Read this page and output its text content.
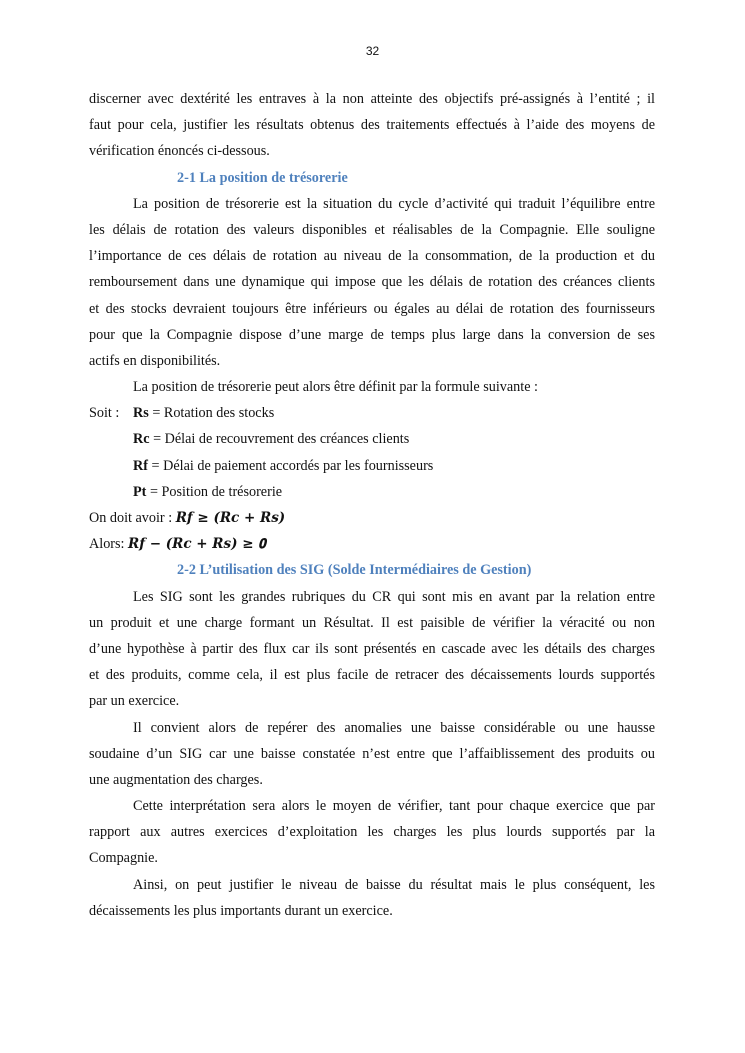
32
discerner avec dextérité les entraves à la non atteinte des objectifs pré-assignés à l’entité ; il
faut pour cela, justifier les résultats obtenus des traitements effectués à l’aide des moyens de
vérification énoncés ci-dessous.
2-1 La position de trésorerie
La position de trésorerie est la situation du cycle d’activité qui traduit l’équilibre entre
les délais de rotation des valeurs disponibles et réalisables de la Compagnie. Elle souligne
l’importance de ces délais de rotation au niveau de la consommation, de la production et du
remboursement dans une dynamique qui impose que les délais de rotation des créances clients
et des stocks devraient toujours être inférieurs ou égales au délai de rotation des fournisseurs
pour que la Compagnie dispose d’une marge de temps plus large dans la conversion de ses
actifs en disponibilités.
La position de trésorerie peut alors être définit par la formule suivante :
Soit : Rs = Rotation des stocks
Rc = Délai de recouvrement des créances clients
Rf = Délai de paiement accordés par les fournisseurs
Pt = Position de trésorerie
On doit avoir : 𝑹𝒇 ≥ (𝑹𝒄 + 𝑹𝒔)
Alors: 𝑹𝒇 − (𝑹𝒄 + 𝑹𝒔) ≥ 𝟎
2-2 L’utilisation des SIG (Solde Intermédiaires de Gestion)
Les SIG sont les grandes rubriques du CR qui sont mis en avant par la relation entre
un produit et une charge formant un Résultat. Il est paisible de vérifier la véracité ou non
d’une hypothèse à partir des flux car ils sont présentés en cascade avec les détails des charges
et des produits, comme cela, il est plus facile de retracer des décaissements lourds supportés
par un exercice.
Il convient alors de repérer des anomalies une baisse considérable ou une hausse
soudaine d’un SIG car une baisse constatée n’est entre que l’affaiblissement des produits ou
une augmentation des charges.
Cette interprétation sera alors le moyen de vérifier, tant pour chaque exercice que par
rapport aux autres exercices d’exploitation les charges les plus lourds supportés par la
Compagnie.
Ainsi, on peut justifier le niveau de baisse du résultat mais le plus conséquent, les
décaissements les plus importants durant un exercice.
